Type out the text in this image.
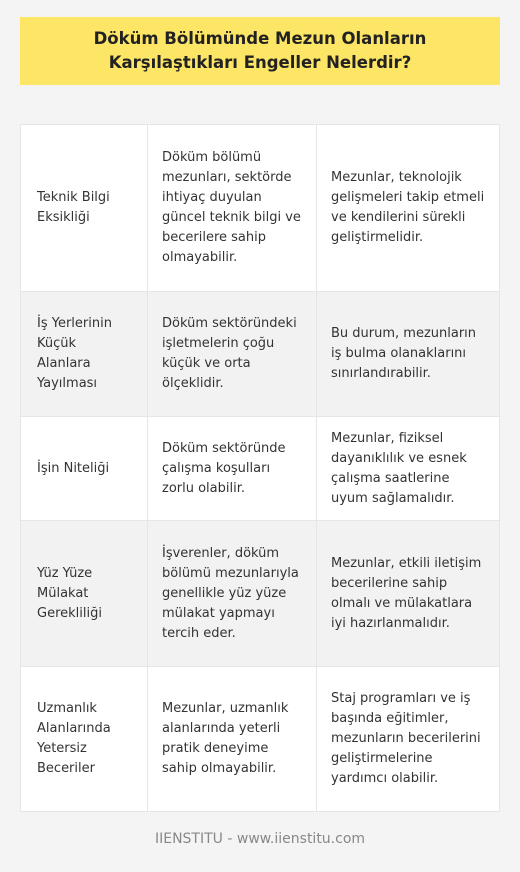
Döküm Bölümünde Mezun Olanların Karşılaştıkları Engeller Nelerdir?
Teknik Bilgi Eksikliği
Döküm bölümü mezunları, sektörde ihtiyaç duyulan güncel teknik bilgi ve becerilere sahip olmayabilir.
Mezunlar, teknolojik gelişmeleri takip etmeli ve kendilerini sürekli geliştirmelidir.
İş Yerlerinin Küçük Alanlara Yayılması
Döküm sektöründeki işletmelerin çoğu küçük ve orta ölçeklidir.
Bu durum, mezunların iş bulma olanaklarını sınırlandırabilir.
İşin Niteliği
Döküm sektöründe çalışma koşulları zorlu olabilir.
Mezunlar, fiziksel dayanıklılık ve esnek çalışma saatlerine uyum sağlamalıdır.
Yüz Yüze Mülakat Gerekliliği
İşverenler, döküm bölümü mezunlarıyla genellikle yüz yüze mülakat yapmayı tercih eder.
Mezunlar, etkili iletişim becerilerine sahip olmalı ve mülakatlara iyi hazırlanmalıdır.
Uzmanlık Alanlarında Yetersiz Beceriler
Mezunlar, uzmanlık alanlarında yeterli pratik deneyime sahip olmayabilir.
Staj programları ve iş başında eğitimler, mezunların becerilerini geliştirmelerine yardımcı olabilir.
IIENSTITU - www.iienstitu.com
